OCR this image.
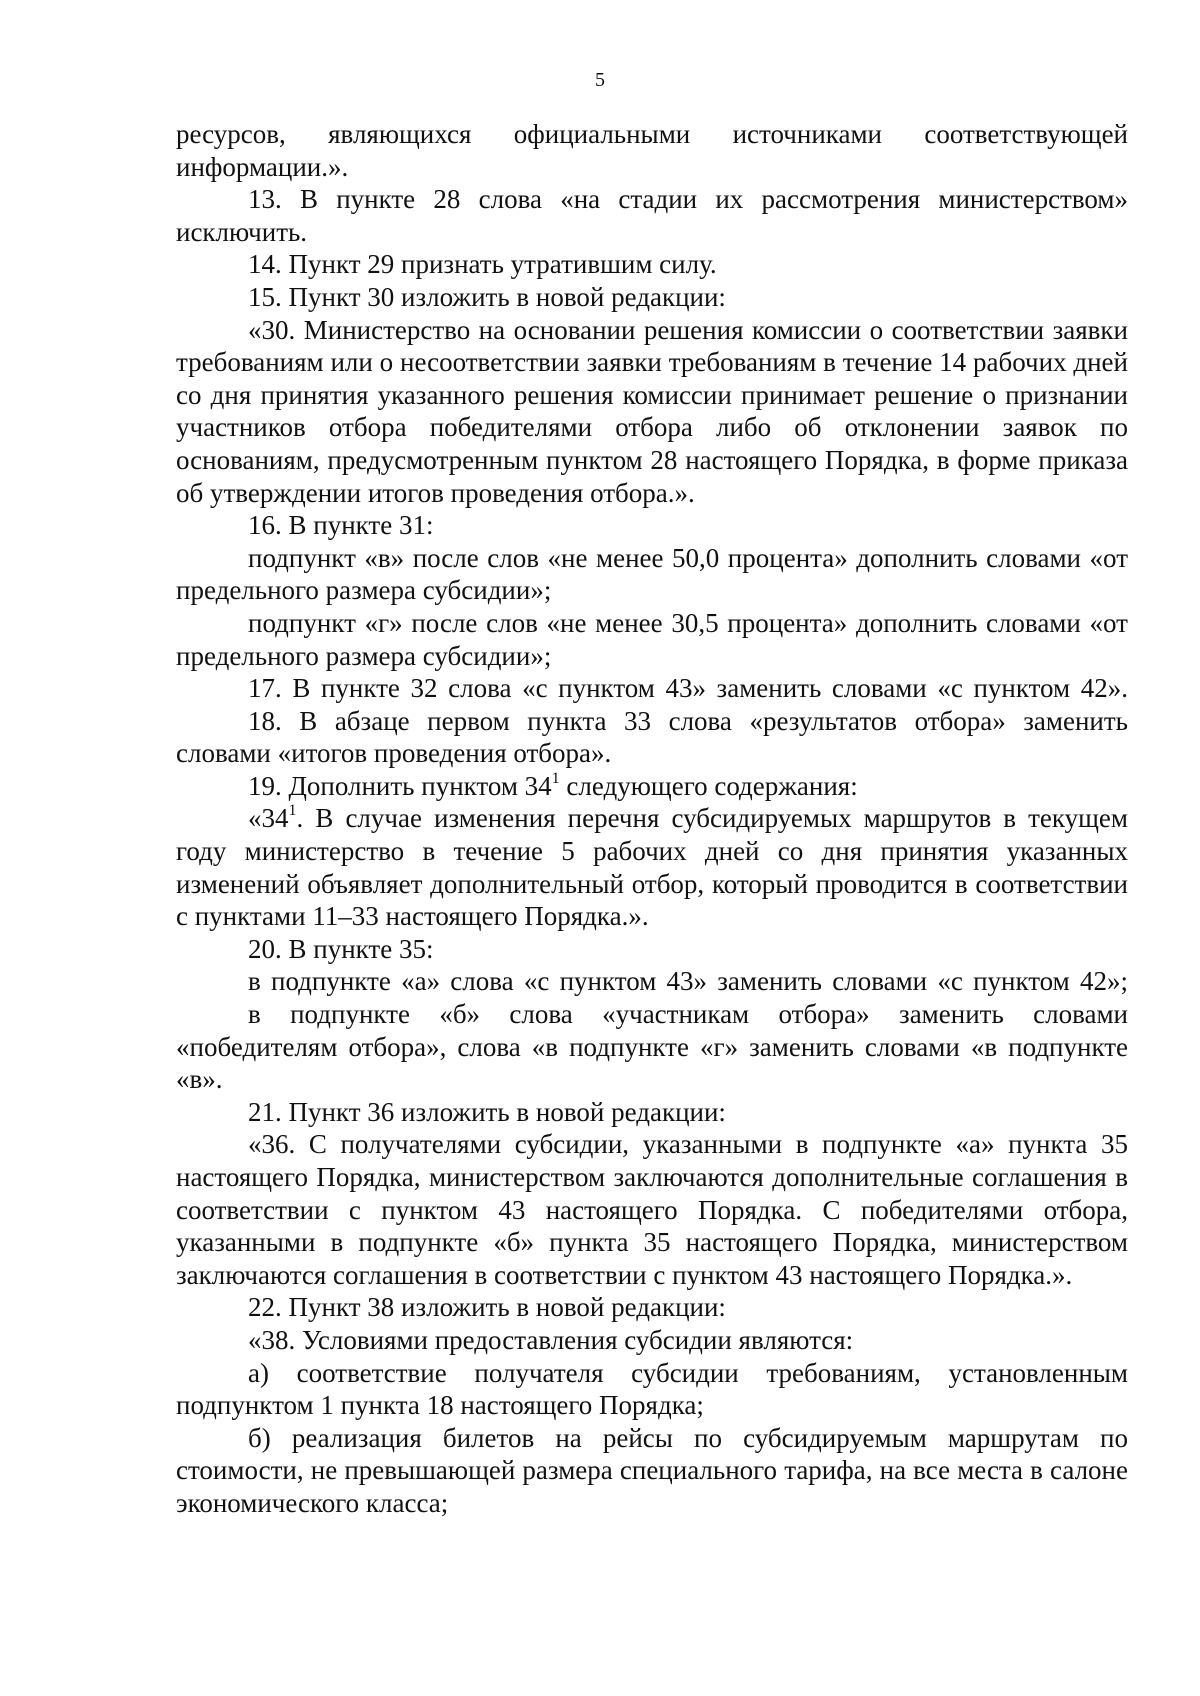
5

ресурсов, являющихся официальными источниками соответствующей информации.».

13. В пункте 28 слова «на стадии их рассмотрения министерством» исключить.

14. Пункт 29 признать утратившим силу.

15. Пункт 30 изложить в новой редакции:

«30. Министерство на основании решения комиссии о соответствии заявки требованиям или о несоответствии заявки требованиям в течение 14 рабочих дней со дня принятия указанного решения комиссии принимает решение о признании участников отбора победителями отбора либо об отклонении заявок по основаниям, предусмотренным пунктом 28 настоящего Порядка, в форме приказа об утверждении итогов проведения отбора.».

16. В пункте 31:

подпункт «в» после слов «не менее 50,0 процента» дополнить словами «от предельного размера субсидии»;

подпункт «г» после слов «не менее 30,5 процента» дополнить словами «от предельного размера субсидии»;

17. В пункте 32 слова «с пунктом 43» заменить словами «с пунктом 42».

18. В абзаце первом пункта 33 слова «результатов отбора» заменить словами «итогов проведения отбора».

19. Дополнить пунктом $34^1$ следующего содержания:

«$34^1$. В случае изменения перечня субсидируемых маршрутов в текущем году министерство в течение 5 рабочих дней со дня принятия указанных изменений объявляет дополнительный отбор, который проводится в соответствии с пунктами 11–33 настоящего Порядка.».

20. В пункте 35:

в подпункте «а» слова «с пунктом 43» заменить словами «с пунктом 42»;

в подпункте «б» слова «участникам отбора» заменить словами «победителям отбора», слова «в подпункте «г» заменить словами «в подпункте «в».

21. Пункт 36 изложить в новой редакции:

«36. С получателями субсидии, указанными в подпункте «а» пункта 35 настоящего Порядка, министерством заключаются дополнительные соглашения в соответствии с пунктом 43 настоящего Порядка. С победителями отбора, указанными в подпункте «б» пункта 35 настоящего Порядка, министерством заключаются соглашения в соответствии с пунктом 43 настоящего Порядка.».

22. Пункт 38 изложить в новой редакции:

«38. Условиями предоставления субсидии являются:

а) соответствие получателя субсидии требованиям, установленным подпунктом 1 пункта 18 настоящего Порядка;

б) реализация билетов на рейсы по субсидируемым маршрутам по стоимости, не превышающей размера специального тарифа, на все места в салоне экономического класса;
